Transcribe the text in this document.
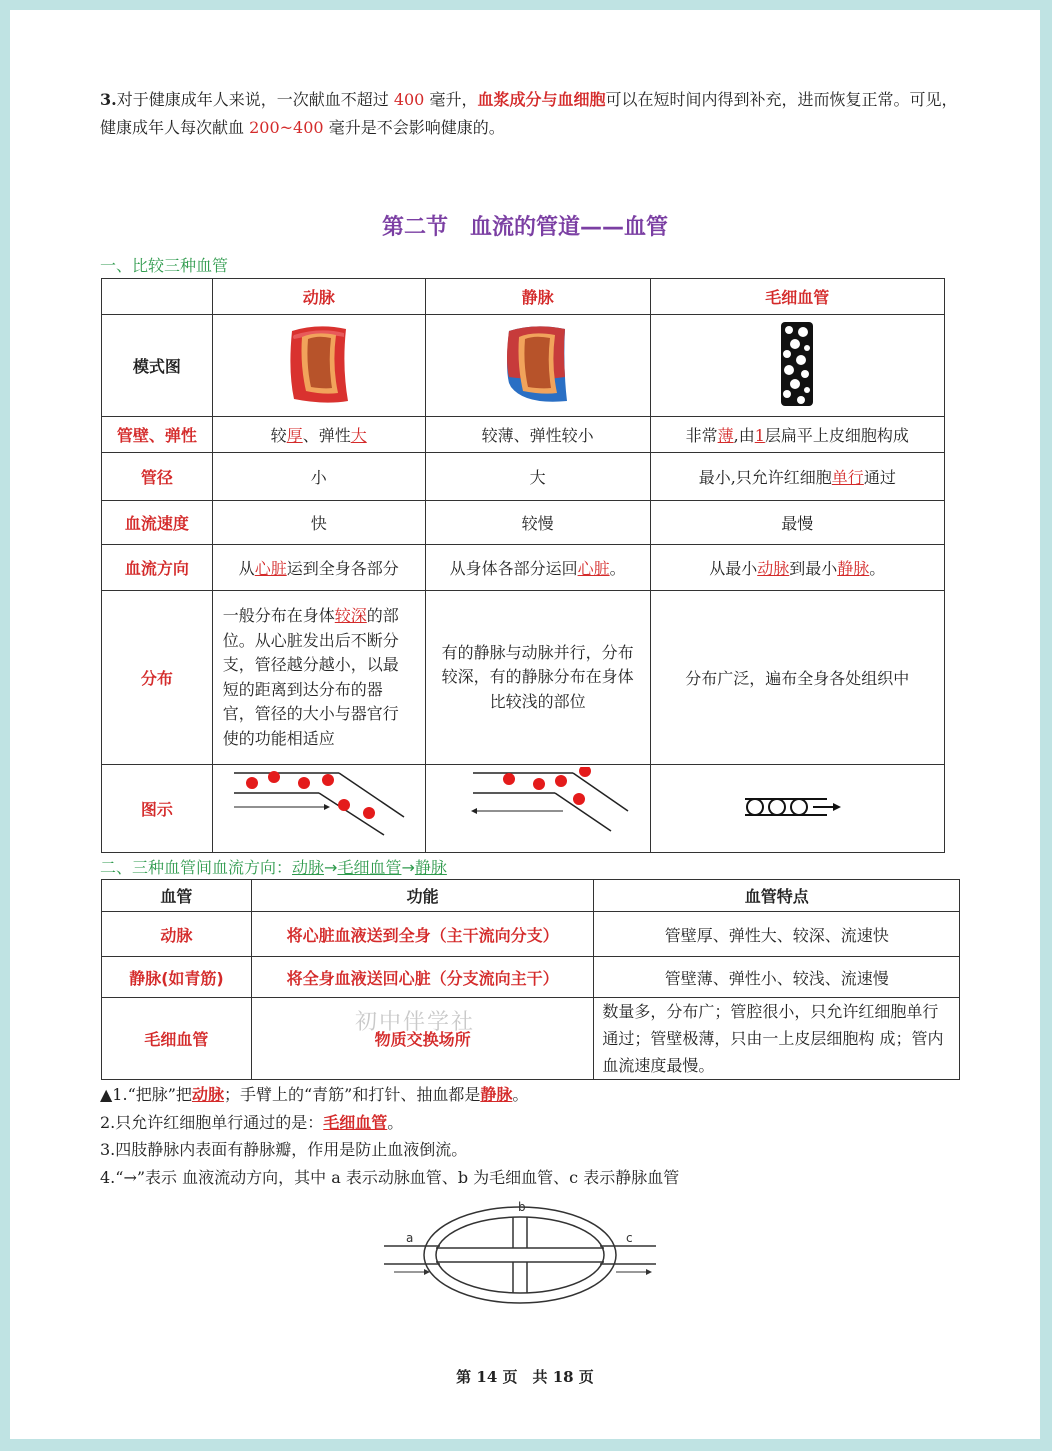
3.对于健康成年人来说，一次献血不超过 400 毫升，血浆成分与血细胞可以在短时间内得到补充，进而恢复正常。可见，健康成年人每次献血 200~400 毫升是不会影响健康的。
第二节　血流的管道——血管
一、比较三种血管
	动脉	静脉	毛细血管
模式图			
管壁、弹性	较厚、弹性大	较薄、弹性较小	非常薄,由1层扁平上皮细胞构成
管径	小	大	最小,只允许红细胞单行通过
血流速度	快	较慢	最慢
血流方向	从心脏运到全身各部分	从身体各部分运回心脏。	从最小动脉到最小静脉。
分布	一般分布在身体较深的部位。从心脏发出后不断分支，管径越分越小，以最短的距离到达分布的器官，管径的大小与器官行使的功能相适应	有的静脉与动脉并行，分布较深，有的静脉分布在身体比较浅的部位	分布广泛，遍布全身各处组织中
图示			
二、三种血管间血流方向：动脉→毛细血管→静脉
血管	功能	血管特点
动脉	将心脏血液送到全身（主干流向分支）	管壁厚、弹性大、较深、流速快
静脉(如青筋)	将全身血液送回心脏（分支流向主干）	管壁薄、弹性小、较浅、流速慢
毛细血管	物质交换场所	数量多，分布广；管腔很小，只允许红细胞单行通过；管壁极薄，只由一上皮层细胞构 成；管内血流速度最慢。
初中伴学社
▲1.“把脉”把动脉；手臂上的“青筋”和打针、抽血都是静脉。
2.只允许红细胞单行通过的是：毛细血管。
3.四肢静脉内表面有静脉瓣，作用是防止血液倒流。
4.“→”表示 血液流动方向，其中 a 表示动脉血管、b 为毛细血管、c 表示静脉血管
a
b
c
第 14 页　共 18 页
